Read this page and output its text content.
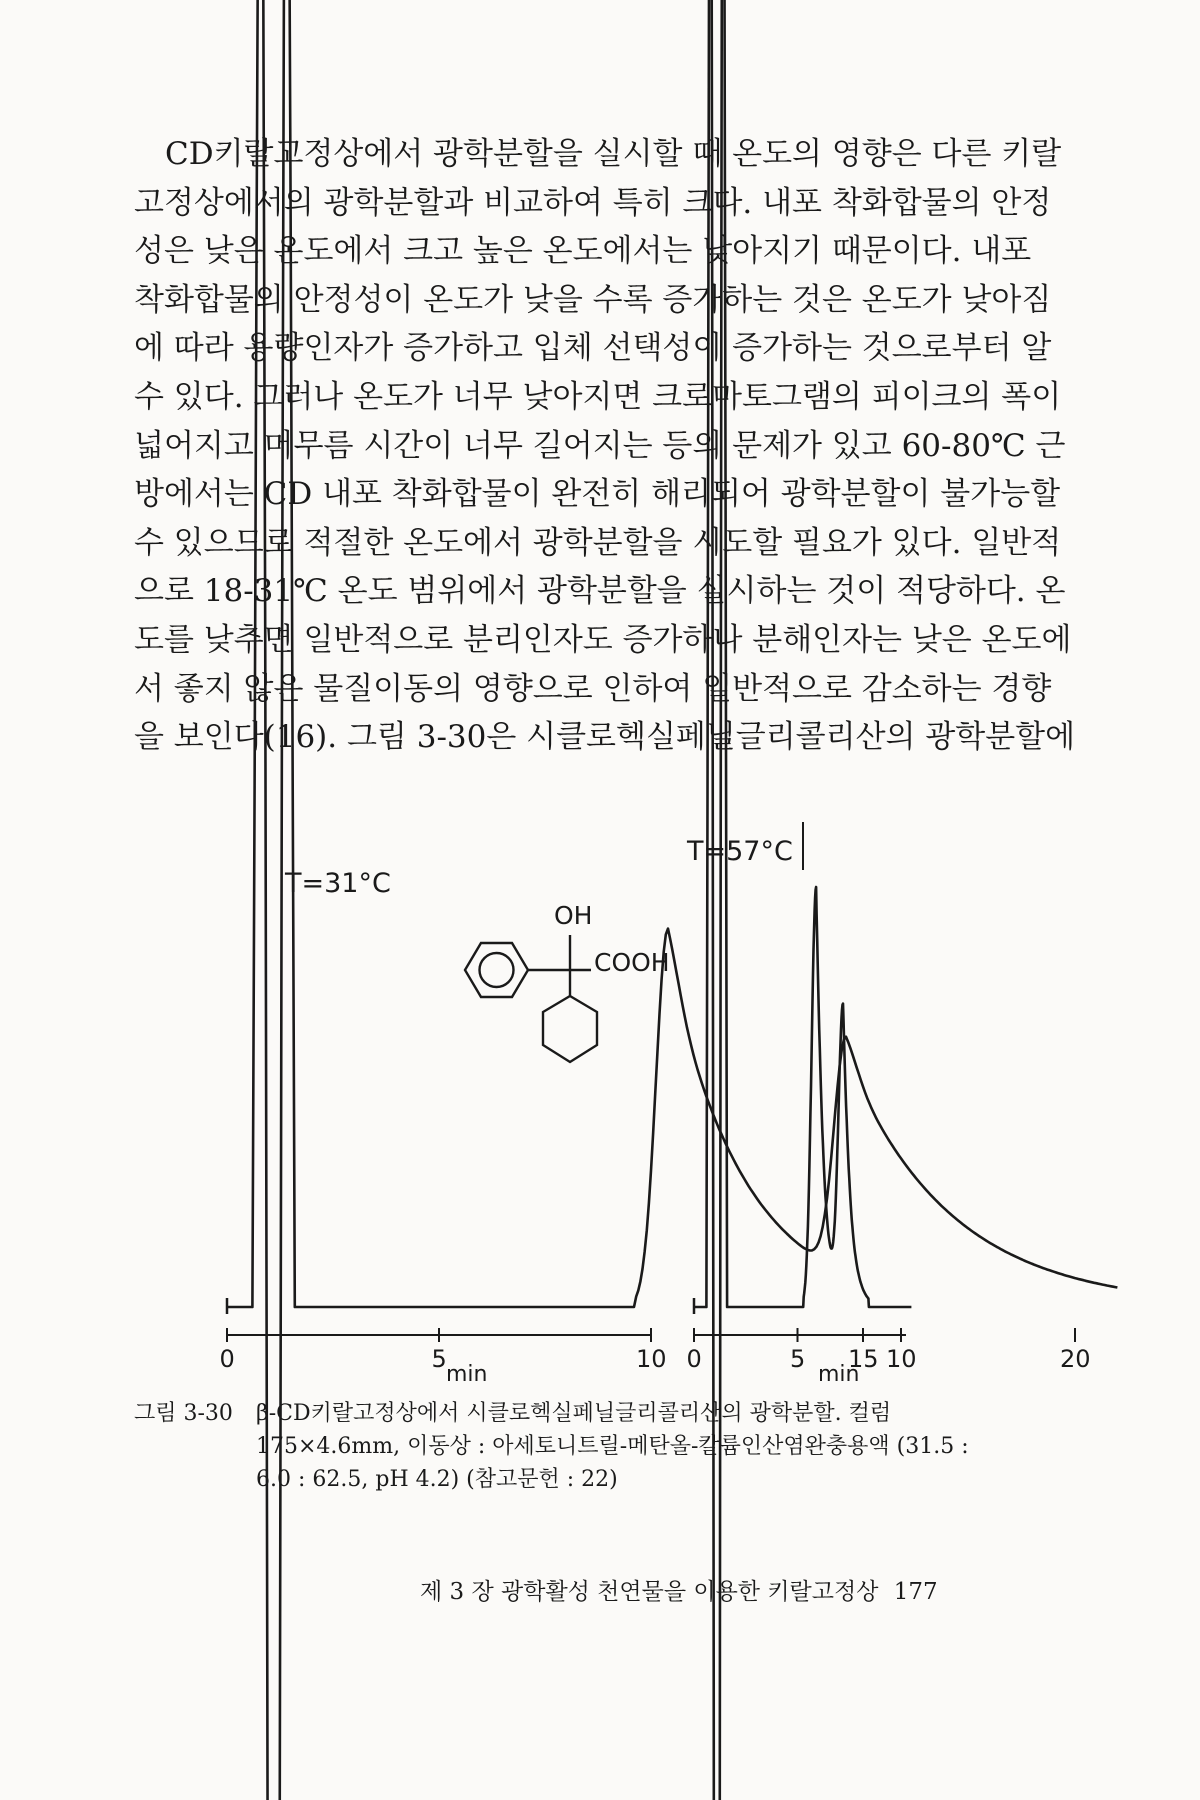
　CD키랄고정상에서 광학분할을 실시할 때 온도의 영향은 다른 키랄
고정상에서의 광학분할과 비교하여 특히 크다. 내포 착화합물의 안정
성은 낮은 온도에서 크고 높은 온도에서는 낮아지기 때문이다. 내포
착화합물의 안정성이 온도가 낮을 수록 증가하는 것은 온도가 낮아짐
에 따라 용량인자가 증가하고 입체 선택성이 증가하는 것으로부터 알
수 있다. 그러나 온도가 너무 낮아지면 크로마토그램의 피이크의 폭이
넓어지고 머무름 시간이 너무 길어지는 등의 문제가 있고 60-80℃ 근
방에서는 CD 내포 착화합물이 완전히 해리되어 광학분할이 불가능할
수 있으므로 적절한 온도에서 광학분할을 시도할 필요가 있다. 일반적
으로 18-31℃ 온도 범위에서 광학분할을 실시하는 것이 적당하다. 온
도를 낮추면 일반적으로 분리인자도 증가하나 분해인자는 낮은 온도에
서 좋지 않은 물질이동의 영향으로 인하여 일반적으로 감소하는 경향
을 보인다(16). 그림 3-30은 시클로헥실페닐글리콜리산의 광학분할에
T=31°C
T=57°C
OH
COOH
0	5	10	15	20
0	5	10
min	min
그림 3-30 β-CD키랄고정상에서 시클로헥실페닐글리콜리산의 광학분할. 컬럼
175×4.6mm, 이동상 : 아세토니트릴-메탄올-칼륨인산염완충용액 (31.5 :
6.0 : 62.5, pH 4.2) (참고문헌 : 22)
제 3 장 광학활성 천연물을 이용한 키랄고정상 177
